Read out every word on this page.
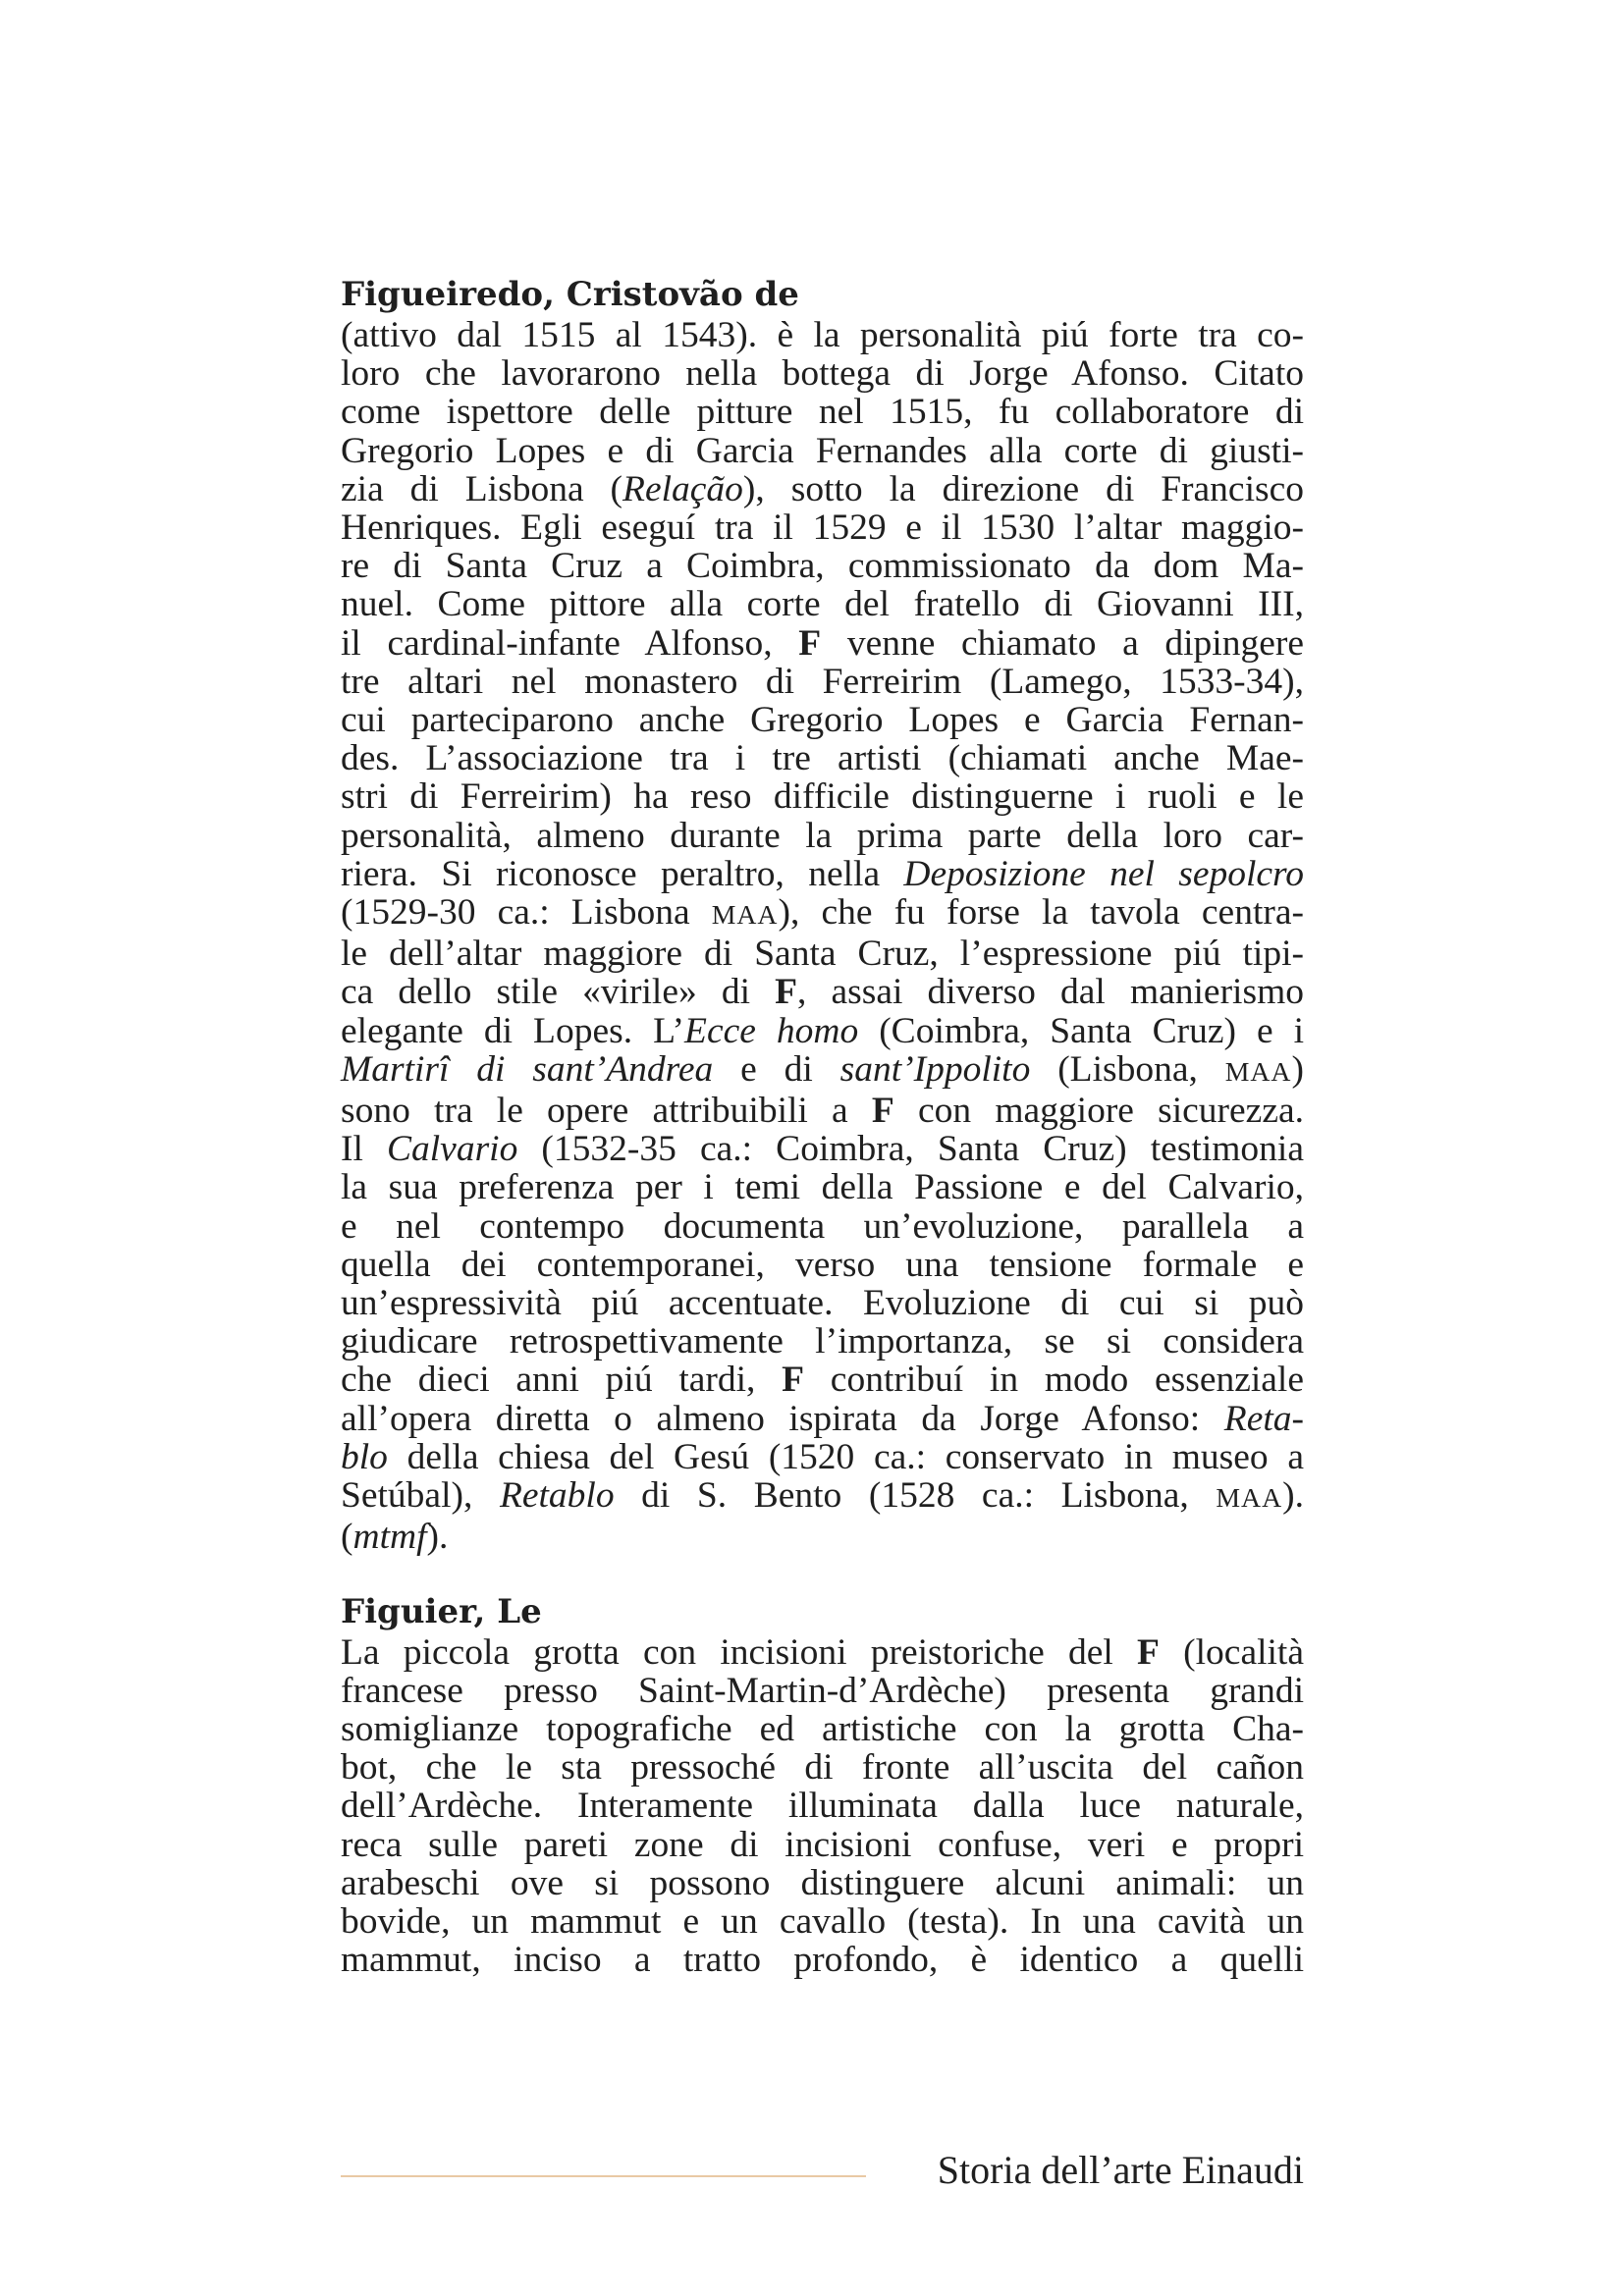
Figueiredo, Cristovão de
(attivo dal 1515 al 1543). è la personalità piú forte tra co-
loro che lavorarono nella bottega di Jorge Afonso. Citato
come ispettore delle pitture nel 1515, fu collaboratore di
Gregorio Lopes e di Garcia Fernandes alla corte di giusti-
zia di Lisbona (Relação), sotto la direzione di Francisco
Henriques. Egli eseguí tra il 1529 e il 1530 l’altar maggio-
re di Santa Cruz a Coimbra, commissionato da dom Ma-
nuel. Come pittore alla corte del fratello di Giovanni III,
il cardinal-infante Alfonso, F venne chiamato a dipingere
tre altari nel monastero di Ferreirim (Lamego, 1533-34),
cui parteciparono anche Gregorio Lopes e Garcia Fernan-
des. L’associazione tra i tre artisti (chiamati anche Mae-
stri di Ferreirim) ha reso difficile distinguerne i ruoli e le
personalità, almeno durante la prima parte della loro car-
riera. Si riconosce peraltro, nella Deposizione nel sepolcro
(1529-30 ca.: Lisbona MAA), che fu forse la tavola centra-
le dell’altar maggiore di Santa Cruz, l’espressione piú tipi-
ca dello stile «virile» di F, assai diverso dal manierismo
elegante di Lopes. L’Ecce homo (Coimbra, Santa Cruz) e i
Martirî di sant’Andrea e di sant’Ippolito (Lisbona, MAA)
sono tra le opere attribuibili a F con maggiore sicurezza.
Il Calvario (1532-35 ca.: Coimbra, Santa Cruz) testimonia
la sua preferenza per i temi della Passione e del Calvario,
e nel contempo documenta un’evoluzione, parallela a
quella dei contemporanei, verso una tensione formale e
un’espressività piú accentuate. Evoluzione di cui si può
giudicare retrospettivamente l’importanza, se si considera
che dieci anni piú tardi, F contribuí in modo essenziale
all’opera diretta o almeno ispirata da Jorge Afonso: Reta-
blo della chiesa del Gesú (1520 ca.: conservato in museo a
Setúbal), Retablo di S. Bento (1528 ca.: Lisbona, MAA).
(mtmf).
Figuier, Le
La piccola grotta con incisioni preistoriche del F (località
francese presso Saint-Martin-d’Ardèche) presenta grandi
somiglianze topografiche ed artistiche con la grotta Cha-
bot, che le sta pressoché di fronte all’uscita del cañon
dell’Ardèche. Interamente illuminata dalla luce naturale,
reca sulle pareti zone di incisioni confuse, veri e propri
arabeschi ove si possono distinguere alcuni animali: un
bovide, un mammut e un cavallo (testa). In una cavità un
mammut, inciso a tratto profondo, è identico a quelli
Storia dell’arte Einaudi
